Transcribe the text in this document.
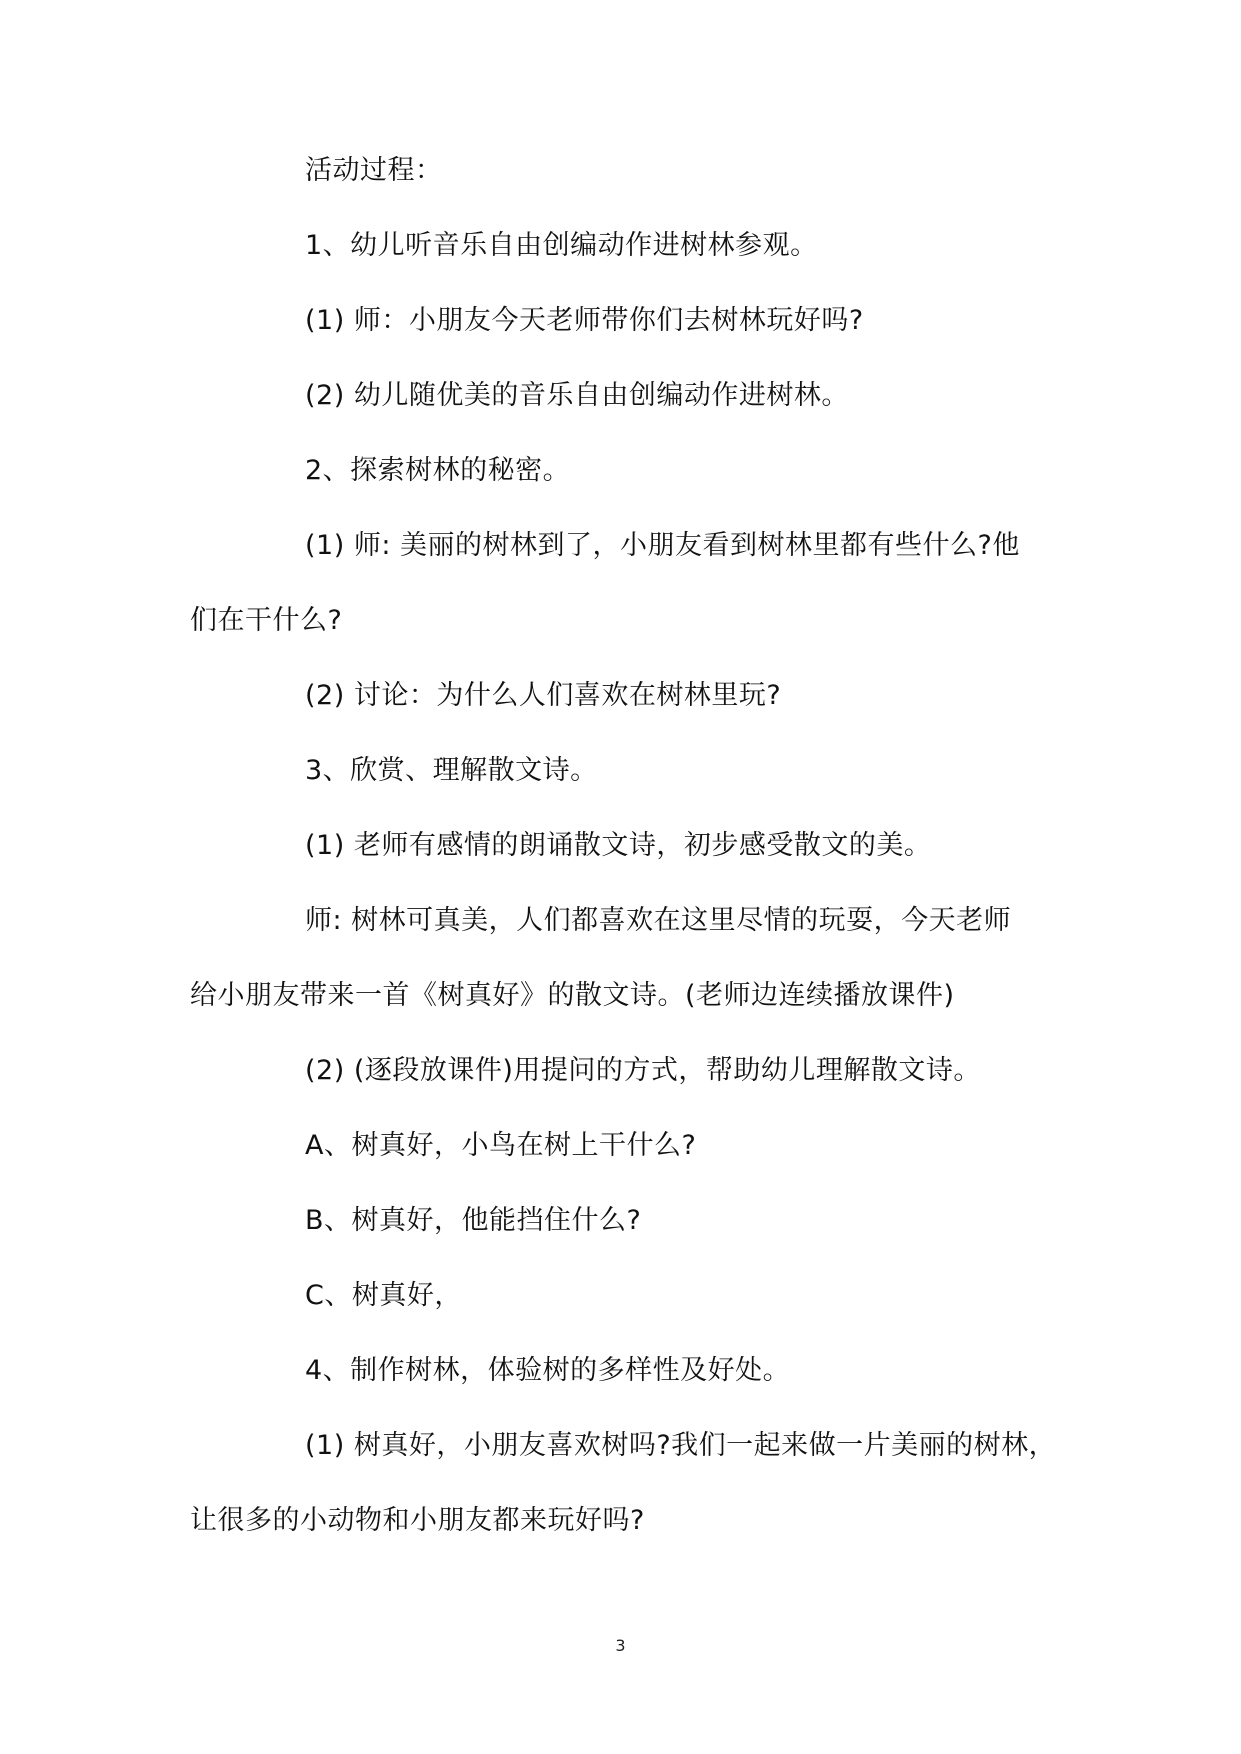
活动过程：
1、幼儿听音乐自由创编动作进树林参观。
(1) 师：小朋友今天老师带你们去树林玩好吗?
(2) 幼儿随优美的音乐自由创编动作进树林。
2、探索树林的秘密。
(1) 师: 美丽的树林到了，小朋友看到树林里都有些什么?他
们在干什么?
(2) 讨论：为什么人们喜欢在树林里玩?
3、欣赏、理解散文诗。
(1) 老师有感情的朗诵散文诗，初步感受散文的美。
师: 树林可真美，人们都喜欢在这里尽情的玩耍，今天老师
给小朋友带来一首《树真好》的散文诗。(老师边连续播放课件)
(2) (逐段放课件)用提问的方式，帮助幼儿理解散文诗。
A、树真好，小鸟在树上干什么?
B、树真好，他能挡住什么?
C、树真好，
4、制作树林，体验树的多样性及好处。
(1) 树真好，小朋友喜欢树吗?我们一起来做一片美丽的树林，
让很多的小动物和小朋友都来玩好吗?
3
